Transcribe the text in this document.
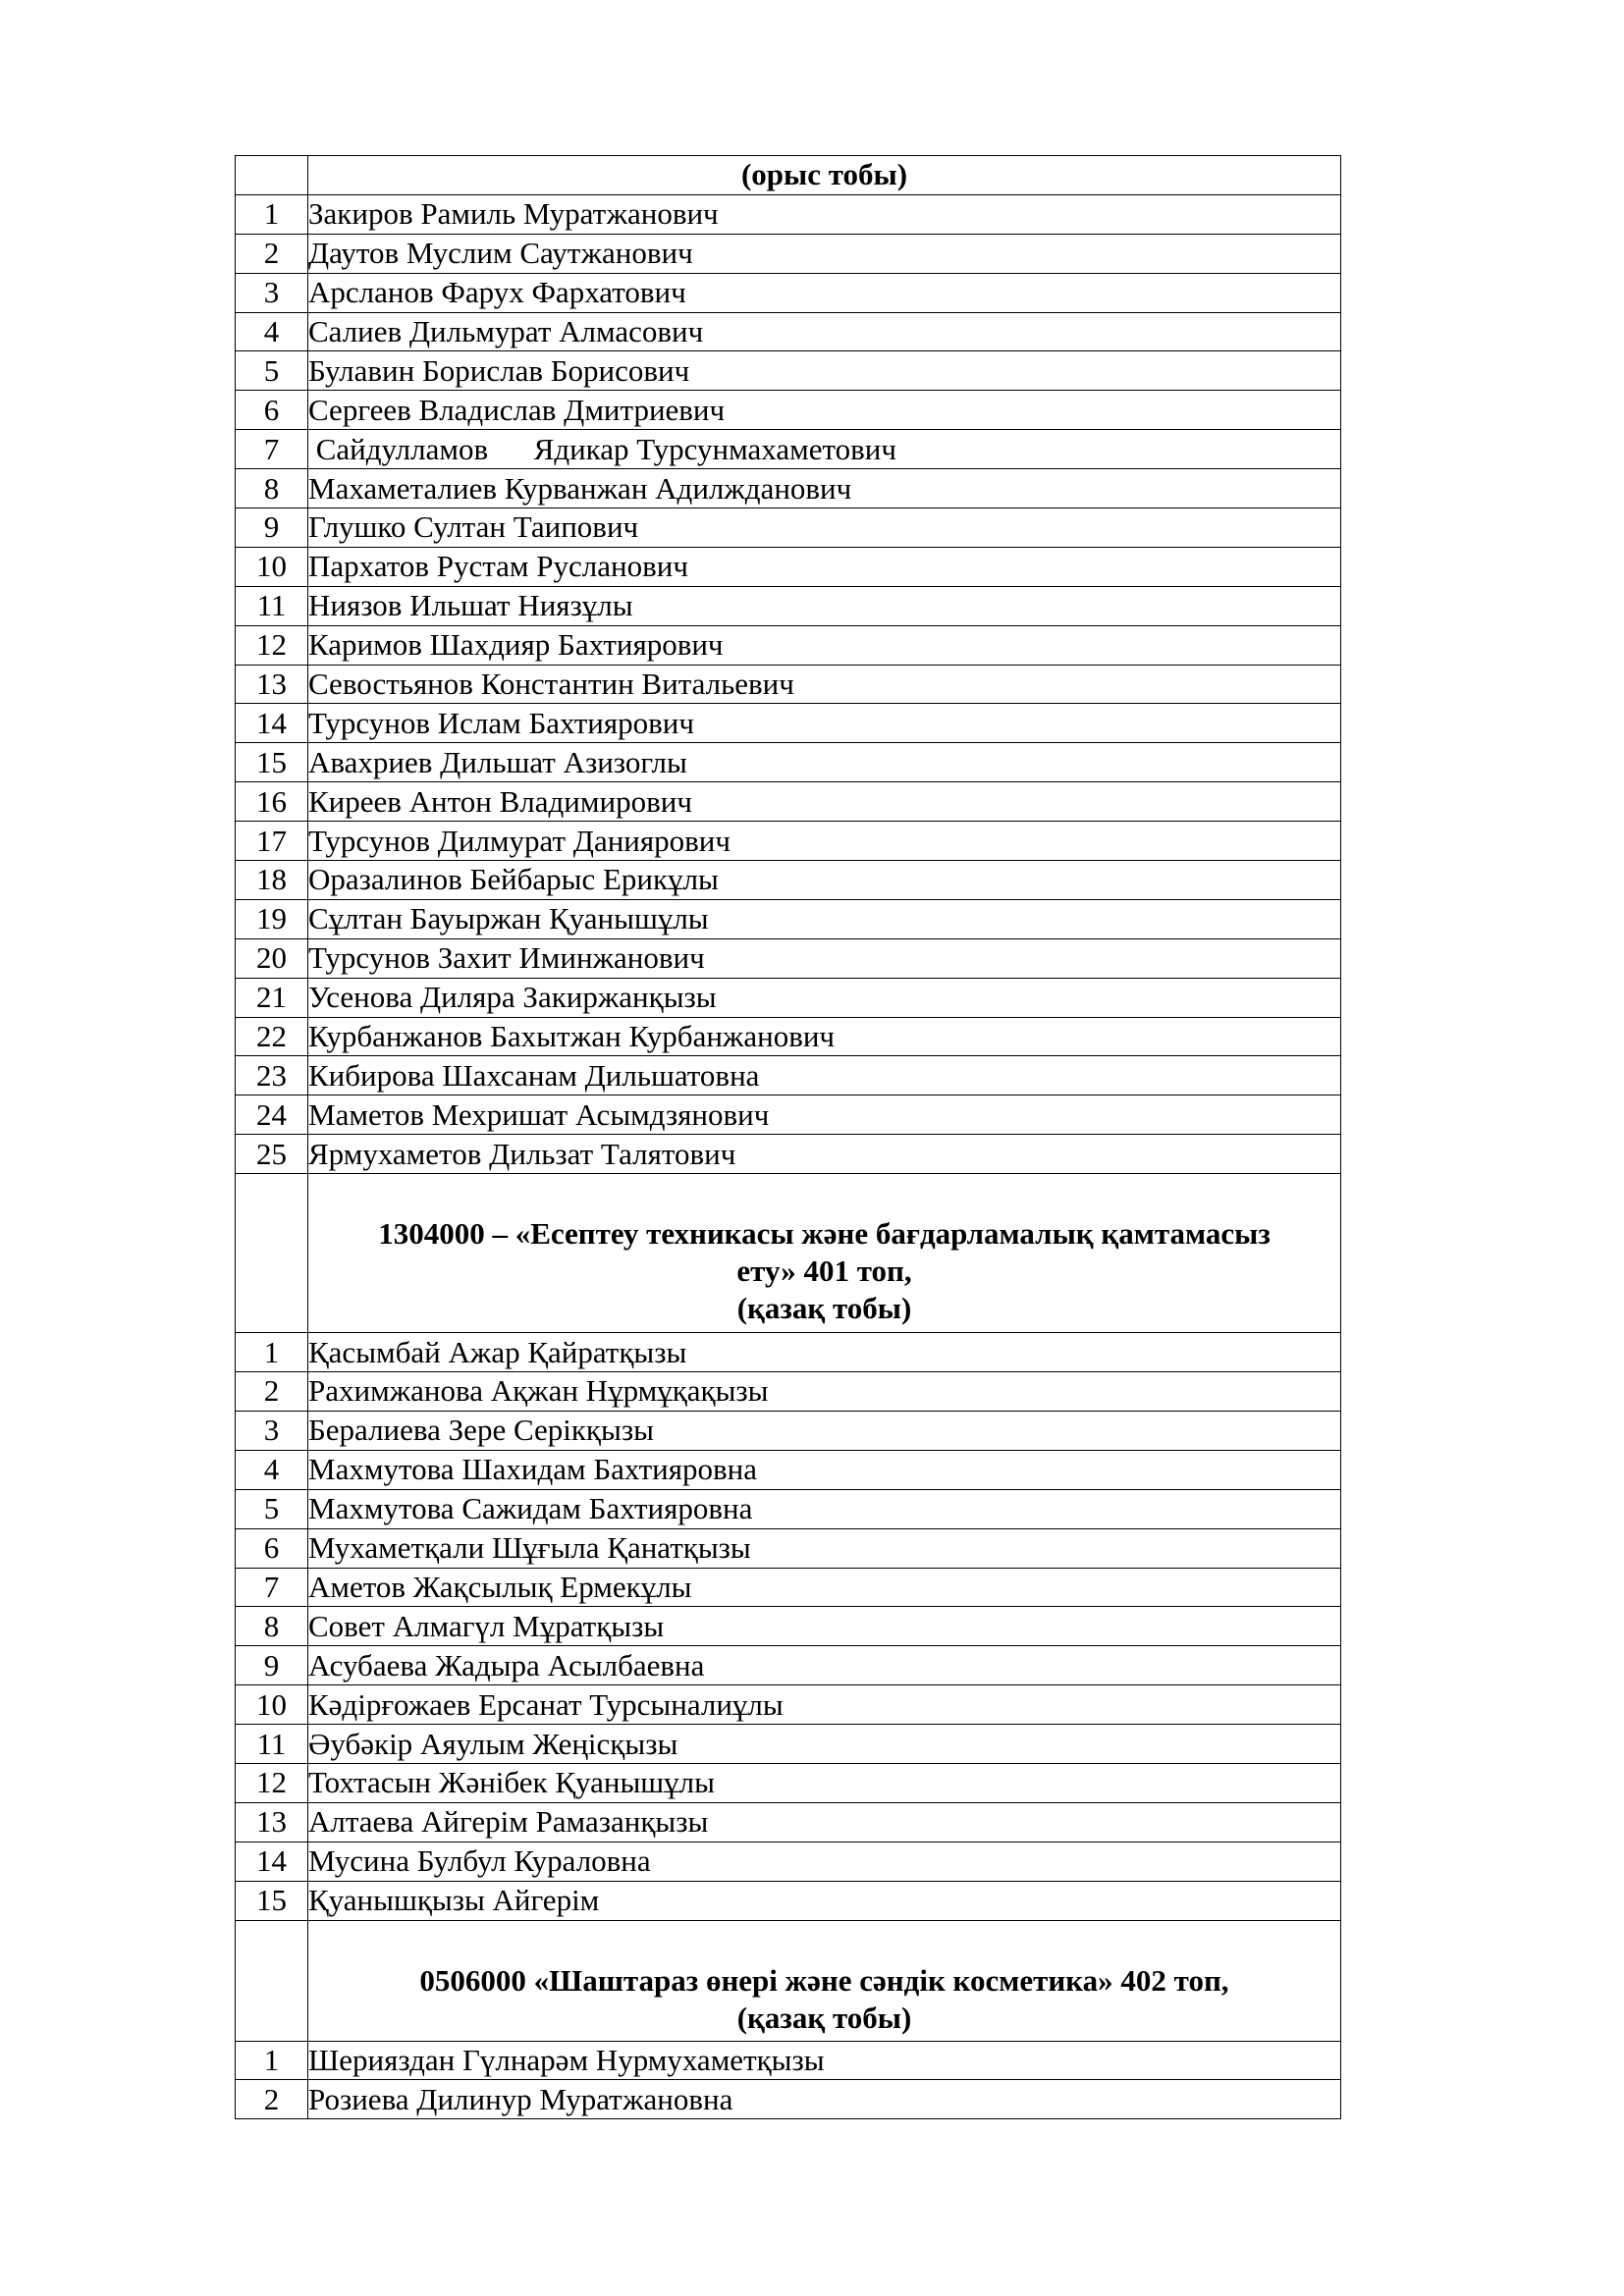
	(орыс тобы)

1	Закиров Рамиль Муратжанович
2	Даутов Муслим Саутжанович
3	Арсланов Фарух Фархатович
4	Салиев Дильмурат Алмасович
5	Булавин Борислав Борисович
6	Сергеев Владислав Дмитриевич
7	Сайдулламов      Ядикар Турсунмахаметович
8	Махаметалиев Курванжан Адилжданович
9	Глушко Султан Таипович
10	Пархатов Рустам Русланович
11	Ниязов Ильшат Ниязұлы
12	Каримов Шахдияр Бахтиярович
13	Севостьянов Константин Витальевич
14	Турсунов Ислам Бахтиярович
15	Авахриев Дильшат Азизоглы
16	Киреев Антон Владимирович
17	Турсунов Дилмурат Даниярович
18	Оразалинов Бейбарыс Ерикұлы
19	Сұлтан Бауыржан Қуанышұлы
20	Турсунов Захит Иминжанович
21	Усенова Диляра Закиржанқызы
22	Курбанжанов Бахытжан Курбанжанович
23	Кибирова Шахсанам Дильшатовна
24	Маметов Мехришат Асымдзянович
25	Ярмухаметов Дильзат Талятович

	1304000 – «Есептеу техникасы және бағдарламалық қамтамасыз
ету» 401 топ,
(қазақ тобы)

1	Қасымбай Ажар Қайратқызы
2	Рахимжанова Ақжан Нұрмұқақызы
3	Бералиева Зере Серікқызы
4	Махмутова Шахидам Бахтияровна
5	Махмутова Сажидам Бахтияровна
6	Мухаметқали Шұғыла Қанатқызы
7	Аметов Жақсылық Ермекұлы
8	Совет Алмагүл Мұратқызы
9	Асубаева Жадыра Асылбаевна
10	Кәдірғожаев Ерсанат Турсыналиұлы
11	Әубәкір Аяулым Жеңісқызы
12	Тохтасын Жәнібек Қуанышұлы
13	Алтаева Айгерім Рамазанқызы
14	Мусина Булбул Куралoвна
15	Қуанышқызы Айгерім

	0506000 «Шаштараз өнері және сәндік косметика» 402 топ,
(қазақ тобы)

1	Шерияздан Гүлнарәм Нурмухаметқызы
2	Розиева Дилинур Муратжановна
